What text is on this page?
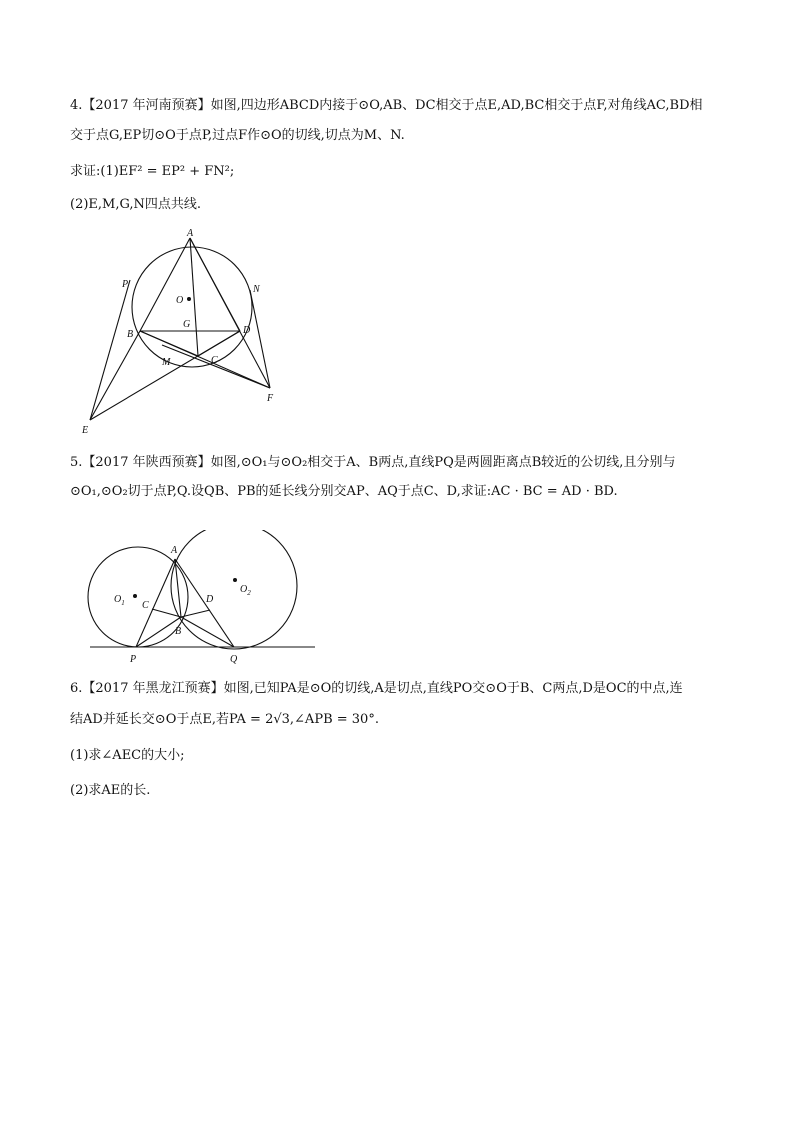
4.【2017 年河南预赛】如图,四边形ABCD内接于⊙O,AB、DC相交于点E,AD,BC相交于点F,对角线AC,BD相
交于点G,EP切⊙O于点P,过点F作⊙O的切线,切点为M、N.
求证:(1)EF² = EP² + FN²;
(2)E,M,G,N四点共线.
A
P	N
O
G
B	D
M	C
F
E
5.【2017 年陕西预赛】如图,⊙O₁与⊙O₂相交于A、B两点,直线PQ是两圆距离点B较近的公切线,且分别与
⊙O₁,⊙O₂切于点P,Q.设QB、PB的延长线分别交AP、AQ于点C、D,求证:AC · BC = AD · BD.
A
$O_1$ C
D
$O_2$
B
P	Q
6.【2017 年黑龙江预赛】如图,已知PA是⊙O的切线,A是切点,直线PO交⊙O于B、C两点,D是OC的中点,连
结AD并延长交⊙O于点E,若PA = 2√3,∠APB = 30°.
(1)求∠AEC的大小;
(2)求AE的长.
